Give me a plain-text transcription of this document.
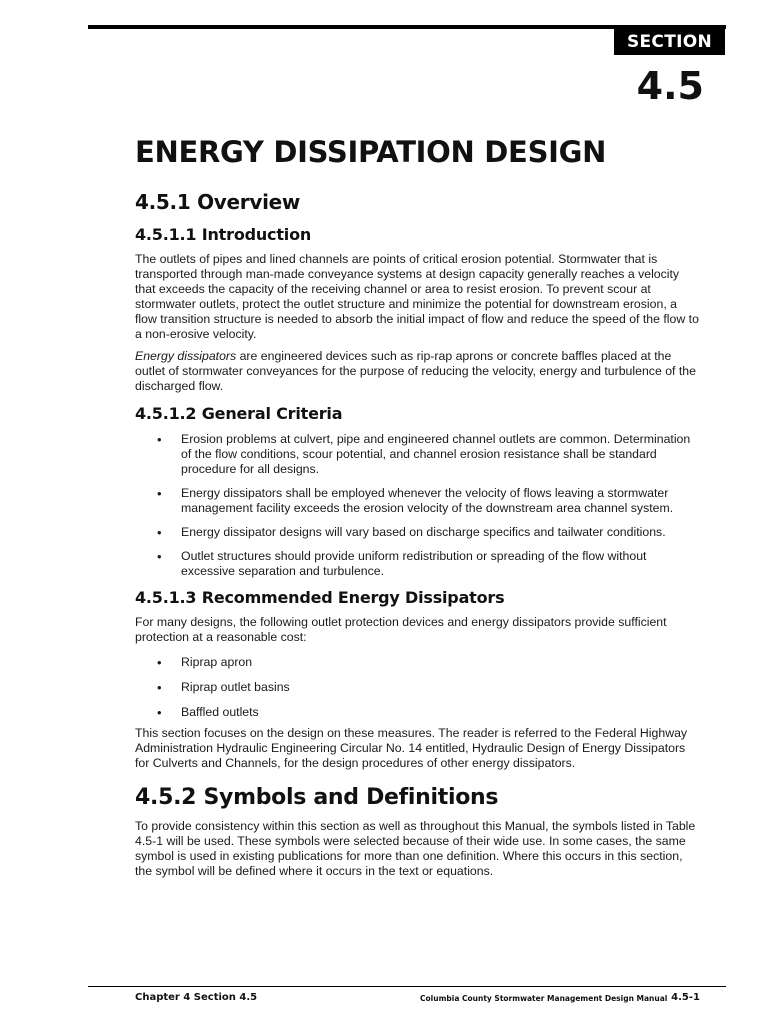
SECTION
4.5
ENERGY DISSIPATION DESIGN
4.5.1 Overview
4.5.1.1 Introduction

The outlets of pipes and lined channels are points of critical erosion potential. Stormwater that is transported through man-made conveyance systems at design capacity generally reaches a velocity that exceeds the capacity of the receiving channel or area to resist erosion. To prevent scour at stormwater outlets, protect the outlet structure and minimize the potential for downstream erosion, a flow transition structure is needed to absorb the initial impact of flow and reduce the speed of the flow to a non-erosive velocity.

Energy dissipators are engineered devices such as rip-rap aprons or concrete baffles placed at the outlet of stormwater conveyances for the purpose of reducing the velocity, energy and turbulence of the discharged flow.

4.5.1.2 General Criteria
• Erosion problems at culvert, pipe and engineered channel outlets are common. Determination of the flow conditions, scour potential, and channel erosion resistance shall be standard procedure for all designs.
• Energy dissipators shall be employed whenever the velocity of flows leaving a stormwater management facility exceeds the erosion velocity of the downstream area channel system.
• Energy dissipator designs will vary based on discharge specifics and tailwater conditions.
• Outlet structures should provide uniform redistribution or spreading of the flow without excessive separation and turbulence.
4.5.1.3 Recommended Energy Dissipators

For many designs, the following outlet protection devices and energy dissipators provide sufficient protection at a reasonable cost:

• Riprap apron
• Riprap outlet basins
• Baffled outlets

This section focuses on the design on these measures. The reader is referred to the Federal Highway Administration Hydraulic Engineering Circular No. 14 entitled, Hydraulic Design of Energy Dissipators for Culverts and Channels, for the design procedures of other energy dissipators.

4.5.2 Symbols and Definitions

To provide consistency within this section as well as throughout this Manual, the symbols listed in Table 4.5-1 will be used. These symbols were selected because of their wide use. In some cases, the same symbol is used in existing publications for more than one definition. Where this occurs in this section, the symbol will be defined where it occurs in the text or equations.

Chapter 4 Section 4.5	Columbia County Stormwater Management Design Manual 4.5-1
